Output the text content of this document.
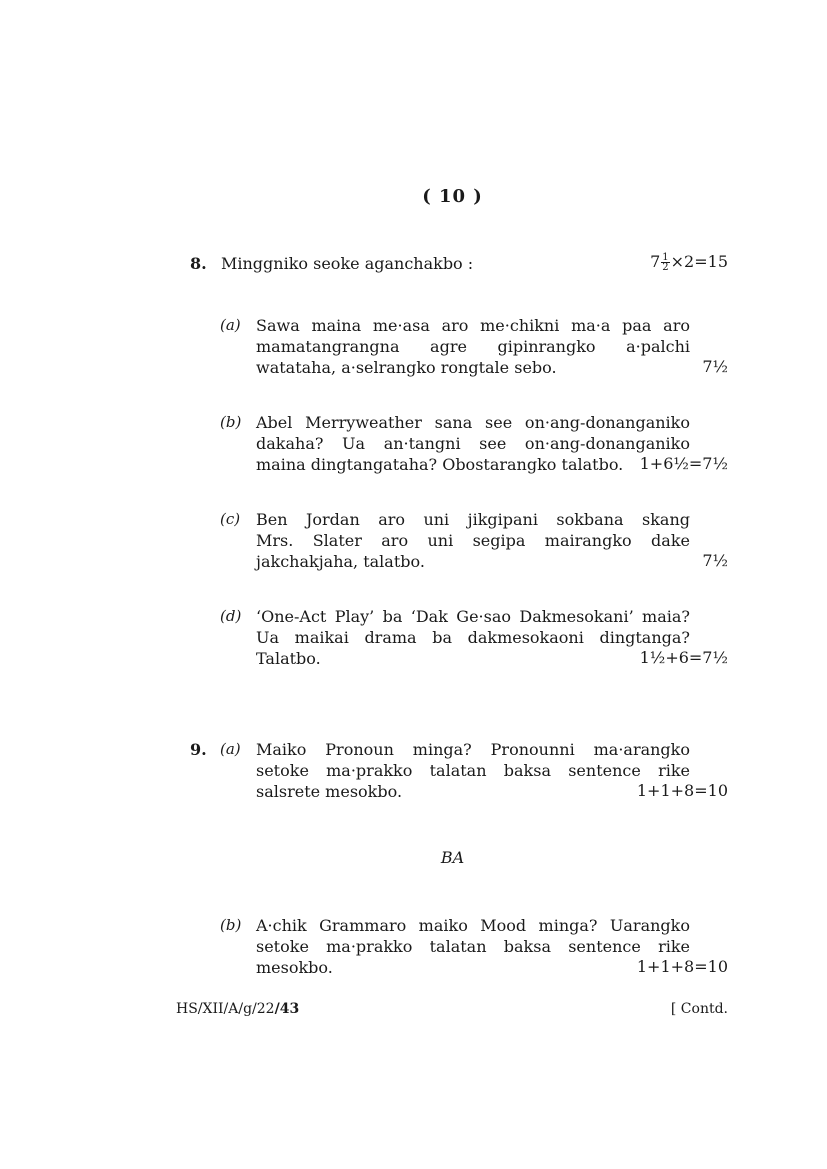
( 10 )
8. Minggniko seoke aganchakbo :	$7 \frac{1}{2} \times 2=15$
(a) Sawa maina me·asa aro me·chikni ma·a paa aro
mamatangrangna agre gipinrangko a·palchi
watataha, a·selrangko rongtale sebo.	7½
(b) Abel Merryweather sana see on·ang-donanganiko
dakaha? Ua an·tangni see on·ang-donanganiko
maina dingtangataha? Obostarangko talatbo.	1+6½=7½
(c) Ben Jordan aro uni jikgipani sokbana skang
Mrs. Slater aro uni segipa mairangko dake
jakchakjaha, talatbo.	7½
(d) ‘One-Act Play’ ba ‘Dak Ge·sao Dakmesokani’ maia?
Ua maikai drama ba dakmesokaoni dingtanga?
Talatbo.	1½+6=7½
9. (a) Maiko Pronoun minga? Pronounni ma·arangko
setoke ma·prakko talatan baksa sentence rike
salsrete mesokbo.	1+1+8=10
BA
(b) A·chik Grammaro maiko Mood minga? Uarangko
setoke ma·prakko talatan baksa sentence rike
mesokbo.	1+1+8=10
HS/XII/A/g/22/43	[ Contd.
